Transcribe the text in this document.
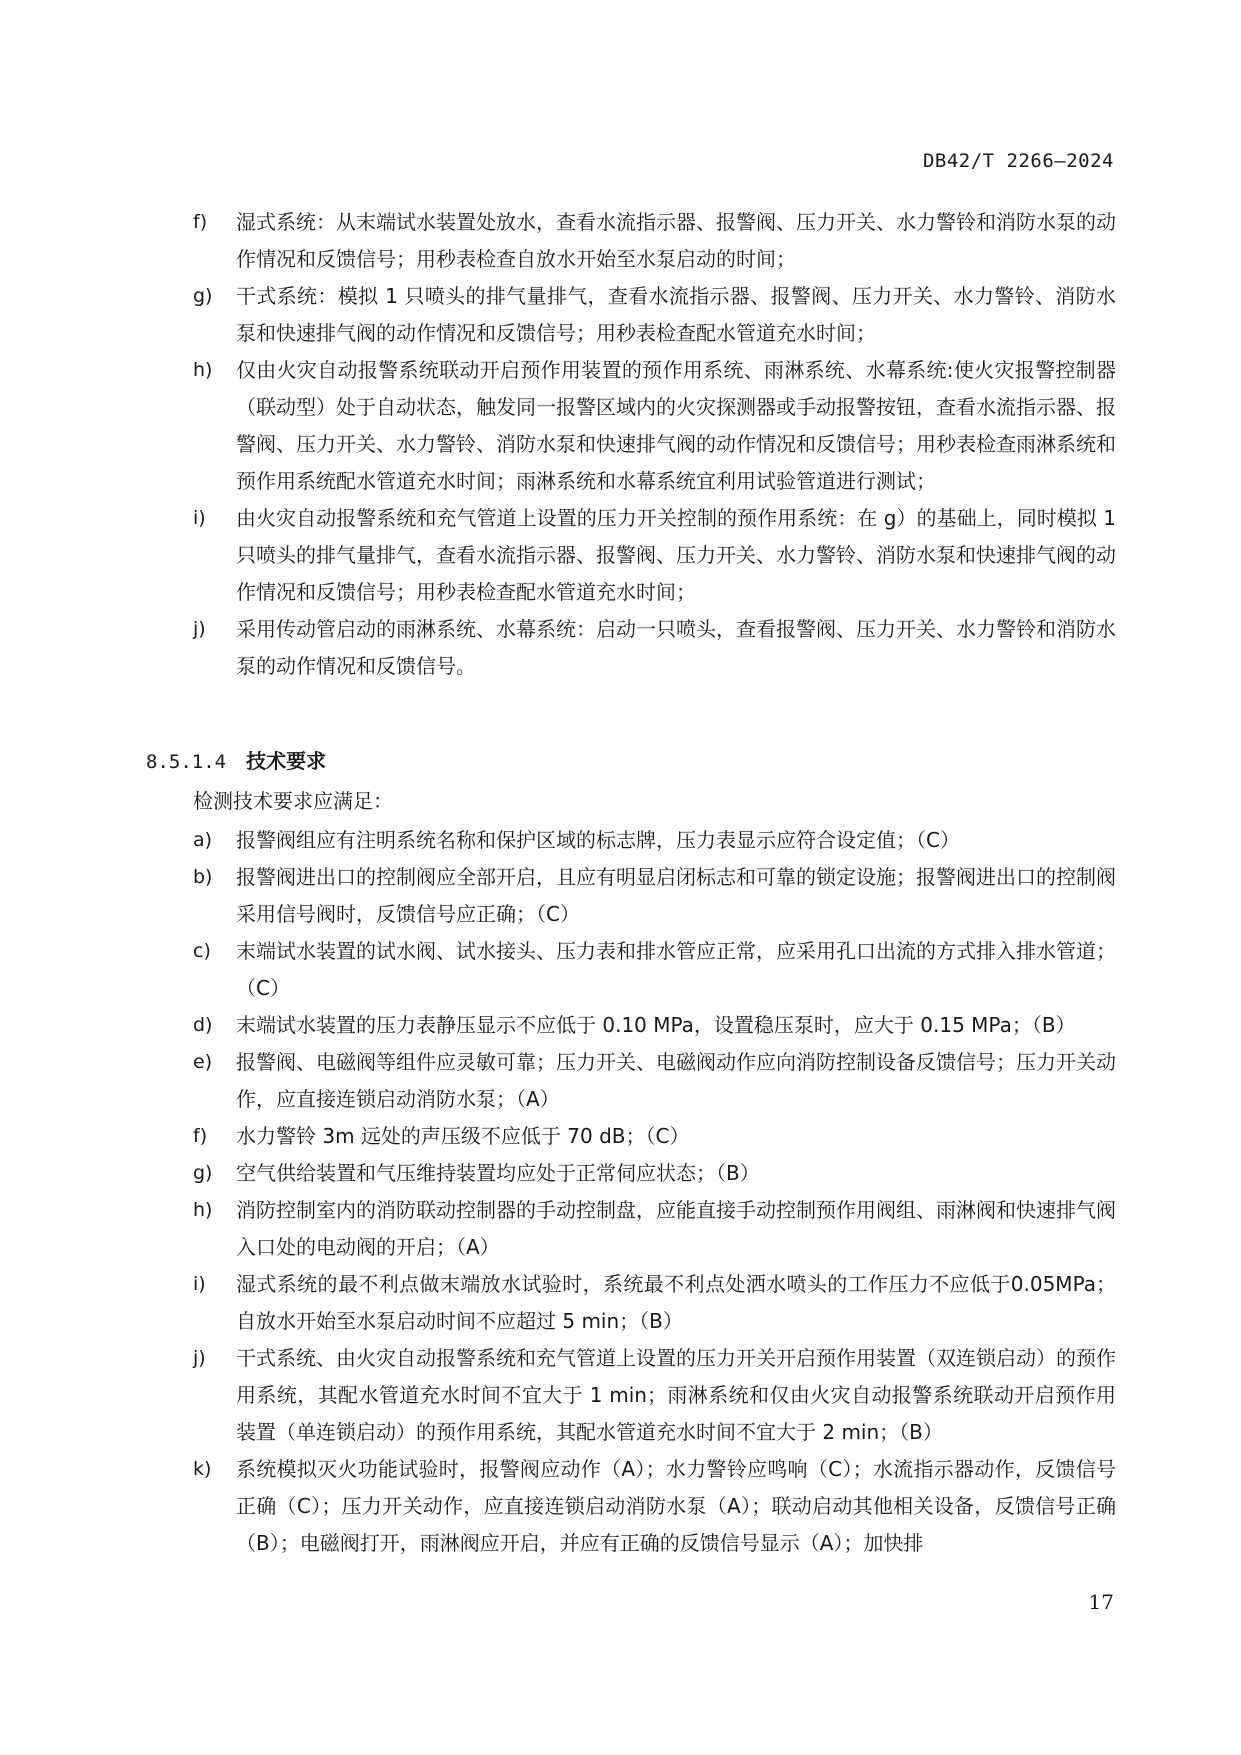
DB42/T 2266—2024
f) 湿式系统：从末端试水装置处放水，查看水流指示器、报警阀、压力开关、水力警铃和消防水泵的动作情况和反馈信号；用秒表检查自放水开始至水泵启动的时间；
g) 干式系统：模拟 1 只喷头的排气量排气，查看水流指示器、报警阀、压力开关、水力警铃、消防水泵和快速排气阀的动作情况和反馈信号；用秒表检查配水管道充水时间；
h) 仅由火灾自动报警系统联动开启预作用装置的预作用系统、雨淋系统、水幕系统:使火灾报警控制器（联动型）处于自动状态，触发同一报警区域内的火灾探测器或手动报警按钮，查看水流指示器、报警阀、压力开关、水力警铃、消防水泵和快速排气阀的动作情况和反馈信号；用秒表检查雨淋系统和预作用系统配水管道充水时间；雨淋系统和水幕系统宜利用试验管道进行测试；
i) 由火灾自动报警系统和充气管道上设置的压力开关控制的预作用系统：在 g）的基础上，同时模拟 1 只喷头的排气量排气，查看水流指示器、报警阀、压力开关、水力警铃、消防水泵和快速排气阀的动作情况和反馈信号；用秒表检查配水管道充水时间；
j) 采用传动管启动的雨淋系统、水幕系统：启动一只喷头，查看报警阀、压力开关、水力警铃和消防水泵的动作情况和反馈信号。
8.5.1.4 技术要求
检测技术要求应满足：
a) 报警阀组应有注明系统名称和保护区域的标志牌，压力表显示应符合设定值；（C）
b) 报警阀进出口的控制阀应全部开启，且应有明显启闭标志和可靠的锁定设施；报警阀进出口的控制阀采用信号阀时，反馈信号应正确；（C）
c) 末端试水装置的试水阀、试水接头、压力表和排水管应正常，应采用孔口出流的方式排入排水管道；（C）
d) 末端试水装置的压力表静压显示不应低于 0.10 MPa，设置稳压泵时，应大于 0.15 MPa；（B）
e) 报警阀、电磁阀等组件应灵敏可靠；压力开关、电磁阀动作应向消防控制设备反馈信号；压力开关动作，应直接连锁启动消防水泵；（A）
f) 水力警铃 3m 远处的声压级不应低于 70 dB；（C）
g) 空气供给装置和气压维持装置均应处于正常伺应状态；（B）
h) 消防控制室内的消防联动控制器的手动控制盘，应能直接手动控制预作用阀组、雨淋阀和快速排气阀入口处的电动阀的开启；（A）
i) 湿式系统的最不利点做末端放水试验时，系统最不利点处洒水喷头的工作压力不应低于0.05MPa；自放水开始至水泵启动时间不应超过 5 min；（B）
j) 干式系统、由火灾自动报警系统和充气管道上设置的压力开关开启预作用装置（双连锁启动）的预作用系统，其配水管道充水时间不宜大于 1 min；雨淋系统和仅由火灾自动报警系统联动开启预作用装置（单连锁启动）的预作用系统，其配水管道充水时间不宜大于 2 min；（B）
k) 系统模拟灭火功能试验时，报警阀应动作（A）；水力警铃应鸣响（C）；水流指示器动作，反馈信号正确（C）；压力开关动作，应直接连锁启动消防水泵（A）；联动启动其他相关设备，反馈信号正确（B）；电磁阀打开，雨淋阀应开启，并应有正确的反馈信号显示（A）；加快排
17
